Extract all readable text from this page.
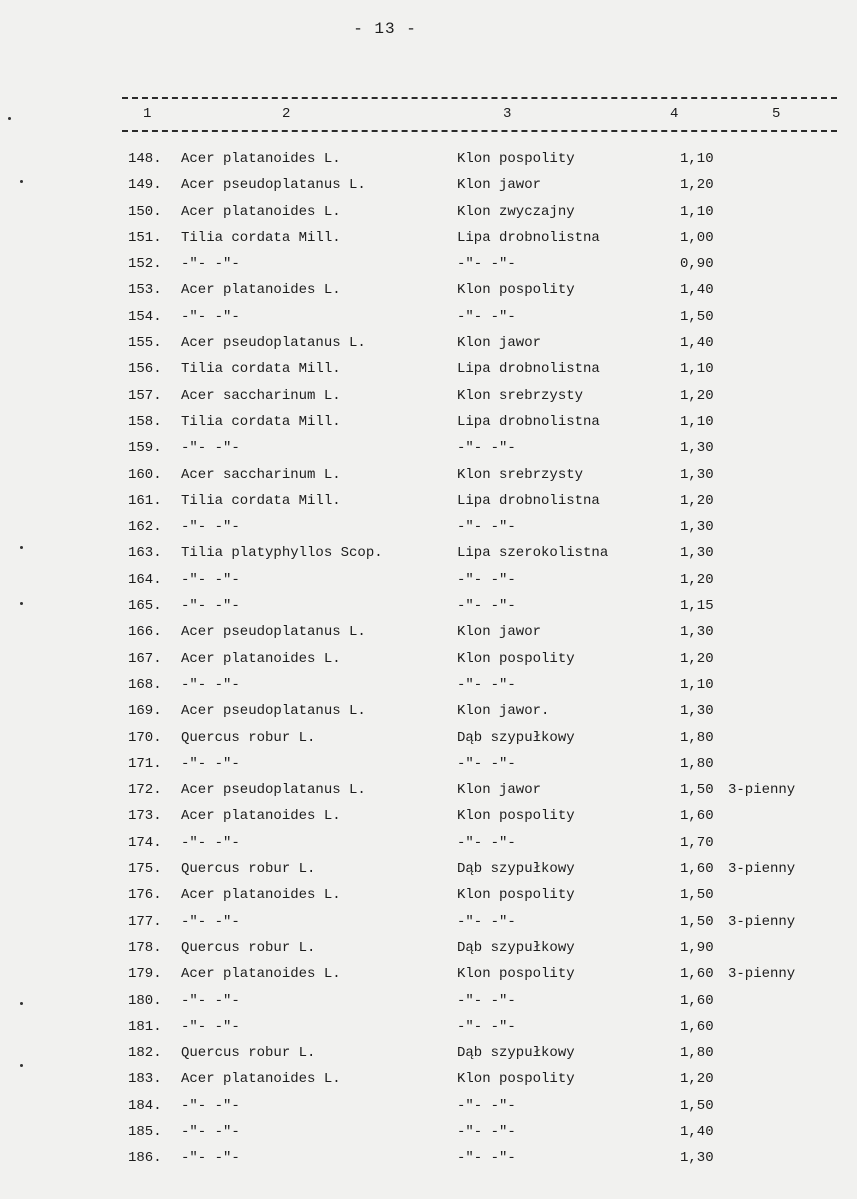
- 13 -
1	2	3	4	5
148.	Acer platanoides L.	Klon pospolity	1,10
149.	Acer pseudoplatanus L.	Klon jawor	1,20
150.	Acer platanoides L.	Klon zwyczajny	1,10
151.	Tilia cordata Mill.	Lipa drobnolistna	1,00
152.	-"- -"-	-"- -"-	0,90
153.	Acer platanoides L.	Klon pospolity	1,40
154.	-"- -"-	-"- -"-	1,50
155.	Acer pseudoplatanus L.	Klon jawor	1,40
156.	Tilia cordata Mill.	Lipa drobnolistna	1,10
157.	Acer saccharinum L.	Klon srebrzysty	1,20
158.	Tilia cordata Mill.	Lipa drobnolistna	1,10
159.	-"- -"-	-"- -"-	1,30
160.	Acer saccharinum L.	Klon srebrzysty	1,30
161.	Tilia cordata Mill.	Lipa drobnolistna	1,20
162.	-"- -"-	-"- -"-	1,30
163.	Tilia platyphyllos Scop.	Lipa szerokolistna	1,30
164.	-"- -"-	-"- -"-	1,20
165.	-"- -"-	-"- -"-	1,15
166.	Acer pseudoplatanus L.	Klon jawor	1,30
167.	Acer platanoides L.	Klon pospolity	1,20
168.	-"- -"-	-"- -"-	1,10
169.	Acer pseudoplatanus L.	Klon jawor.	1,30
170.	Quercus robur L.	Dąb szypułkowy	1,80
171.	-"- -"-	-"- -"-	1,80
172.	Acer pseudoplatanus L.	Klon jawor	1,50 3-pienny
173.	Acer platanoides L.	Klon pospolity	1,60
174.	-"- -"-	-"- -"-	1,70
175.	Quercus robur L.	Dąb szypułkowy	1,60 3-pienny
176.	Acer platanoides L.	Klon pospolity	1,50
177.	-"- -"-	-"- -"-	1,50 3-pienny
178.	Quercus robur L.	Dąb szypułkowy	1,90
179.	Acer platanoides L.	Klon pospolity	1,60 3-pienny
180.	-"- -"-	-"- -"-	1,60
181.	-"- -"-	-"- -"-	1,60
182.	Quercus robur L.	Dąb szypułkowy	1,80
183.	Acer platanoides L.	Klon pospolity	1,20
184.	-"- -"-	-"- -"-	1,50
185.	-"- -"-	-"- -"-	1,40
186.	-"- -"-	-"- -"-	1,30
